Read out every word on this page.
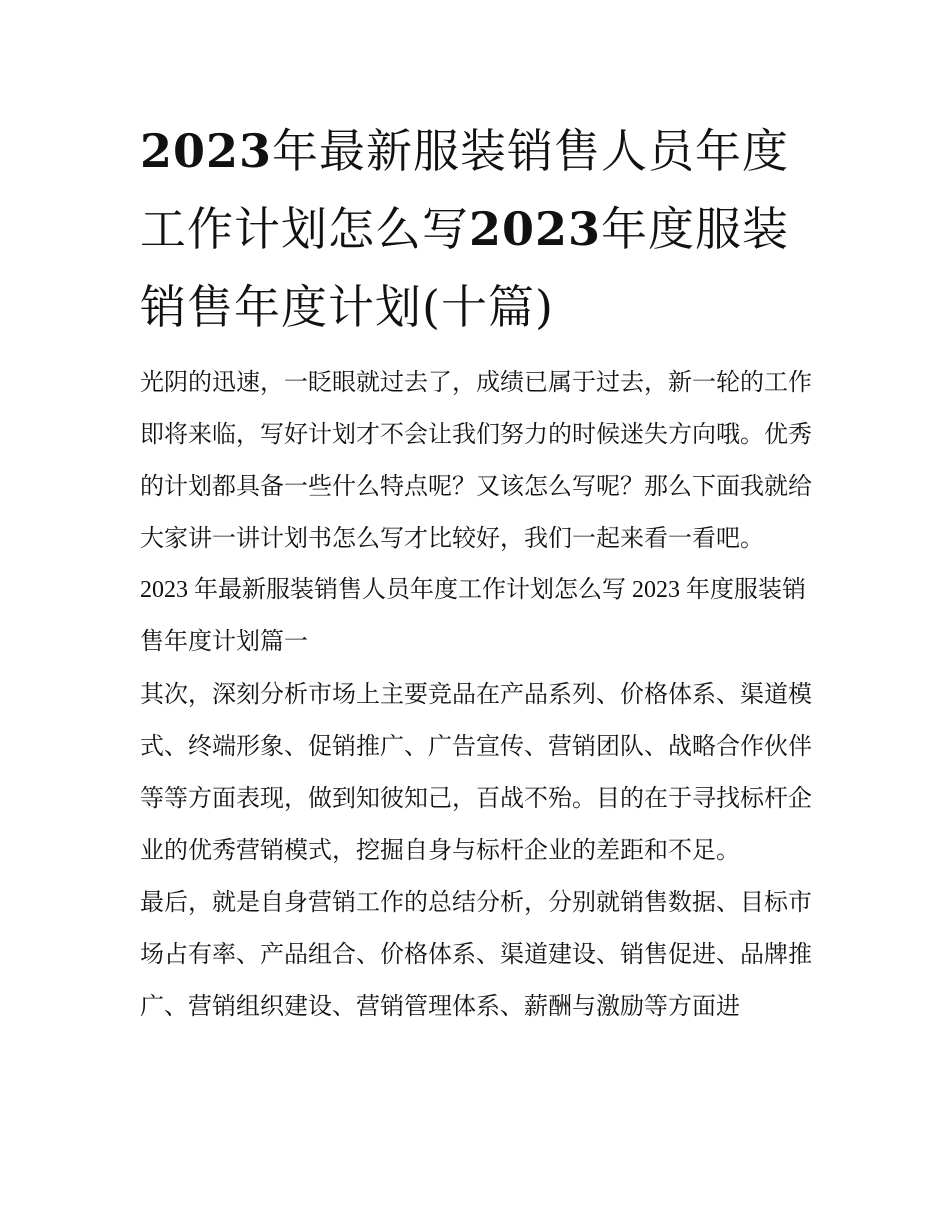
2023年最新服装销售人员年度工作计划怎么写2023年度服装销售年度计划(十篇)

光阴的迅速，一眨眼就过去了，成绩已属于过去，新一轮的工作即将来临，写好计划才不会让我们努力的时候迷失方向哦。优秀的计划都具备一些什么特点呢？又该怎么写呢？那么下面我就给大家讲一讲计划书怎么写才比较好，我们一起来看一看吧。

2023 年最新服装销售人员年度工作计划怎么写 2023 年度服装销售年度计划篇一

其次，深刻分析市场上主要竞品在产品系列、价格体系、渠道模式、终端形象、促销推广、广告宣传、营销团队、战略合作伙伴等等方面表现，做到知彼知己，百战不殆。目的在于寻找标杆企业的优秀营销模式，挖掘自身与标杆企业的差距和不足。

最后，就是自身营销工作的总结分析，分别就销售数据、目标市场占有率、产品组合、价格体系、渠道建设、销售促进、品牌推广、营销组织建设、营销管理体系、薪酬与激励等方面进
